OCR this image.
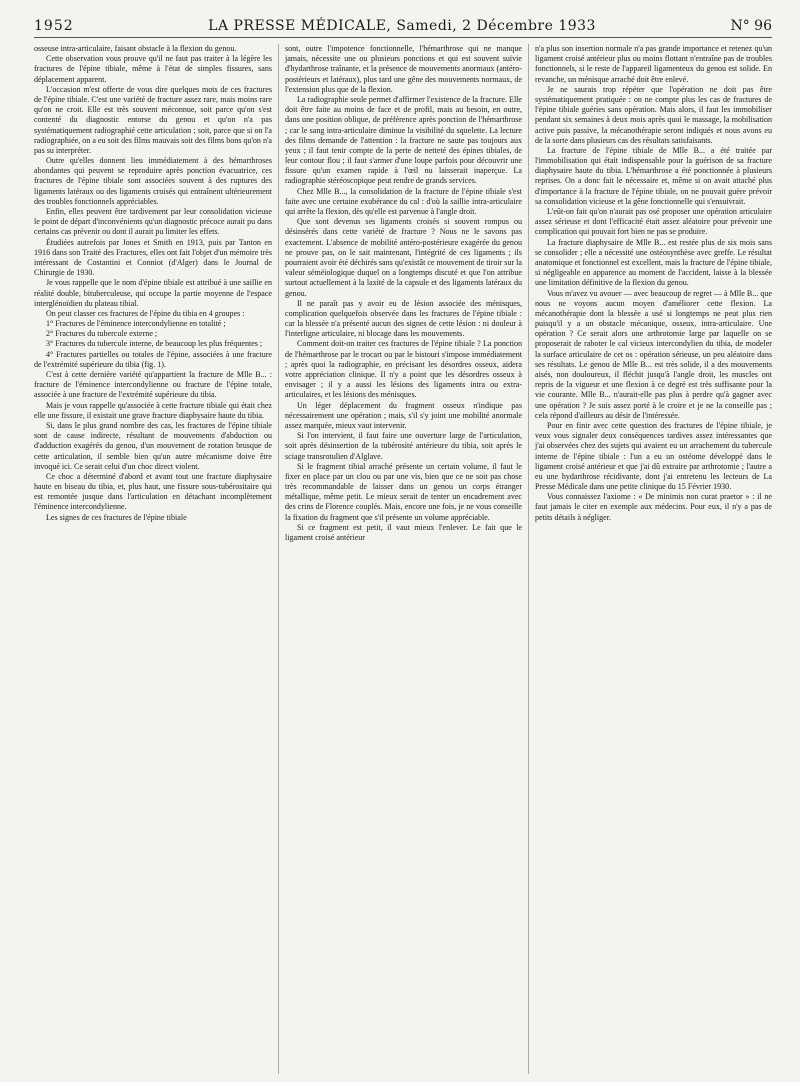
1952	LA PRESSE MÉDICALE, Samedi, 2 Décembre 1933	N° 96

osseuse intra-articulaire, faisant obstacle à la flexion du genou.

Cette observation vous prouve qu'il ne faut pas traiter à la légère les fractures de l'épine tibiale, même à l'état de simples fissures, sans déplacement apparent.

L'occasion m'est offerte de vous dire quelques mots de ces fractures de l'épine tibiale. C'est une variété de fracture assez rare, mais moins rare qu'on ne croit. Elle est très souvent méconnue, soit parce qu'on s'est contenté du diagnostic entorse du genou et qu'on n'a pas systématiquement radiographié cette articulation ; soit, parce que si on l'a radiographiée, on a eu soit des films mauvais soit des films bons qu'on n'a pas su interpréter.

Outre qu'elles donnent lieu immédiatement à des hémarthroses abondantes qui peuvent se reproduire après ponction évacuatrice, ces fractures de l'épine tibiale sont associées souvent à des ruptures des ligaments latéraux ou des ligaments croisés qui entraînent ultérieurement des troubles fonctionnels appréciables.

Enfin, elles peuvent être tardivement par leur consolidation vicieuse le point de départ d'inconvénients qu'un diagnostic précoce aurait pu dans certains cas prévenir ou dont il aurait pu limiter les effets.

Étudiées autrefois par Jones et Smith en 1913, puis par Tanton en 1916 dans son Traité des Fractures, elles ont fait l'objet d'un mémoire très intéressant de Costantini et Conniot (d'Alger) dans le Journal de Chirurgie de 1930.

Je vous rappelle que le nom d'épine tibiale est attribué à une saillie en réalité double, bituberculeuse, qui occupe la partie moyenne de l'espace interglénoïdien du plateau tibial.

On peut classer ces fractures de l'épine du tibia en 4 groupes :

1° Fractures de l'éminence intercondylienne en totalité ;

2° Fractures du tubercule externe ;

3° Fractures du tubercule interne, de beaucoup les plus fréquentes ;

4° Fractures partielles ou totales de l'épine, associées à une fracture de l'extrémité supérieure du tibia (fig. 1).

C'est à cette dernière variété qu'appartient la fracture de Mlle B... : fracture de l'éminence intercondylienne ou fracture de l'épine totale, associée à une fracture de l'extrémité supérieure du tibia.

Mais je vous rappelle qu'associée à cette fracture tibiale qui était chez elle une fissure, il existait une grave fracture diaphysaire haute du tibia.

Si, dans le plus grand nombre des cas, les fractures de l'épine tibiale sont de cause indirecte, résultant de mouvements d'abduction ou d'adduction exagérés du genou, d'un mouvement de rotation brusque de cette articulation, il semble bien qu'un autre mécanisme doive être invoqué ici. Ce serait celui d'un choc direct violent.

Ce choc a déterminé d'abord et avant tout une fracture diaphysaire haute en biseau du tibia, et, plus haut, une fissure sous-tubérositaire qui est remontée jusque dans l'articulation en détachant incomplètement l'éminence intercondylienne.

Les signes de ces fractures de l'épine tibiale

sont, outre l'impotence fonctionnelle, l'hémarthrose qui ne manque jamais, nécessite une ou plusieurs ponctions et qui est souvent suivie d'hydarthrose traînante, et la présence de mouvements anormaux (antéro-postérieurs et latéraux), plus tard une gêne des mouvements normaux, de l'extension plus que de la flexion.

La radiographie seule permet d'affirmer l'existence de la fracture. Elle doit être faite au moins de face et de profil, mais au besoin, en outre, dans une position oblique, de préférence après ponction de l'hémarthrose ; car le sang intra-articulaire diminue la visibilité du squelette. La lecture des films demande de l'attention : la fracture ne saute pas toujours aux yeux ; il faut tenir compte de la perte de netteté des épines tibiales, de leur contour flou ; il faut s'armer d'une loupe parfois pour découvrir une fissure qu'un examen rapide à l'œil nu laisserait inaperçue. La radiographie stéréoscopique peut rendre de grands services.

Chez Mlle B..., la consolidation de la fracture de l'épine tibiale s'est faite avec une certaine exubérance du cal : d'où la saillie intra-articulaire qui arrête la flexion, dès qu'elle est parvenue à l'angle droit.

Que sont devenus ses ligaments croisés si souvent rompus ou désinsérés dans cette variété de fracture ? Nous ne le savons pas exactement. L'absence de mobilité antéro-postérieure exagérée du genou ne prouve pas, on le sait maintenant, l'intégrité de ces ligaments ; ils pourraient avoir été déchirés sans qu'existât ce mouvement de tiroir sur la valeur séméiologique duquel on a longtemps discuté et que l'on attribue surtout actuellement à la laxité de la capsule et des ligaments latéraux du genou.

Il ne paraît pas y avoir eu de lésion associée des ménisques, complication quelquefois observée dans les fractures de l'épine tibiale : car la blessée n'a présenté aucun des signes de cette lésion : ni douleur à l'interligne articulaire, ni blocage dans les mouvements.

Comment doit-on traiter ces fractures de l'épine tibiale ? La ponction de l'hémarthrose par le trocart ou par le bistouri s'impose immédiatement ; après quoi la radiographie, en précisant les désordres osseux, aidera votre appréciation clinique. Il n'y a point que les désordres osseux à envisager ; il y a aussi les lésions des ligaments intra ou extra-articulaires, et les lésions des ménisques.

Un léger déplacement du fragment osseux n'indique pas nécessairement une opération ; mais, s'il s'y joint une mobilité anormale assez marquée, mieux vaut intervenir.

Si l'on intervient, il faut faire une ouverture large de l'articulation, soit après désinsertion de la tubérosité antérieure du tibia, soit après le sciage transrotulien d'Alglave.

Si le fragment tibial arraché présente un certain volume, il faut le fixer en place par un clou ou par une vis, bien que ce ne soit pas chose très recommandable de laisser dans un genou un corps étranger métallique, même petit. Le mieux serait de tenter un encadrement avec des crins de Florence couplés. Mais, encore une fois, je ne vous conseille la fixation du fragment que s'il présente un volume appréciable.

Si ce fragment est petit, il vaut mieux l'enlever. Le fait que le ligament croisé antérieur

n'a plus son insertion normale n'a pas grande importance et retenez qu'un ligament croisé antérieur plus ou moins flottant n'entraîne pas de troubles fonctionnels, si le reste de l'appareil ligamenteux du genou est solide. En revanche, un ménisque arraché doit être enlevé.

Je ne saurais trop répéter que l'opération ne doit pas être systématiquement pratiquée : on ne compte plus les cas de fractures de l'épine tibiale guéries sans opération. Mais alors, il faut les immobiliser pendant six semaines à deux mois après quoi le massage, la mobilisation active puis passive, la mécanothérapie seront indiqués et nous avons eu de la sorte dans plusieurs cas des résultats satisfaisants.

La fracture de l'épine tibiale de Mlle B... a été traitée par l'immobilisation qui était indispensable pour la guérison de sa fracture diaphysaire haute du tibia. L'hémarthrose a été ponctionnée à plusieurs reprises. On a donc fait le nécessaire et, même si on avait attaché plus d'importance à la fracture de l'épine tibiale, on ne pouvait guère prévoir sa consolidation vicieuse et la gêne fonctionnelle qui s'ensuivrait.

L'eût-on fait qu'on n'aurait pas osé proposer une opération articulaire assez sérieuse et dont l'efficacité était assez aléatoire pour prévenir une complication qui pouvait fort bien ne pas se produire.

La fracture diaphysaire de Mlle B... est restée plus de six mois sans se consolider ; elle a nécessité une ostéosynthèse avec greffe. Le résultat anatomique et fonctionnel est excellent, mais la fracture de l'épine tibiale, si négligeable en apparence au moment de l'accident, laisse à la blessée une limitation définitive de la flexion du genou.

Vous m'avez vu avouer — avec beaucoup de regret — à Mlle B... que nous ne voyons aucun moyen d'améliorer cette flexion. La mécanothérapie dont la blessée a usé si longtemps ne peut plus rien puisqu'il y a un obstacle mécanique, osseux, intra-articulaire. Une opération ? Ce serait alors une arthrotomie large par laquelle on se proposerait de raboter le cal vicieux intercondylien du tibia, de modeler la surface articulaire de cet os : opération sérieuse, un peu aléatoire dans ses résultats. Le genou de Mlle B... est très solide, il a des mouvements aisés, non douloureux, il fléchit jusqu'à l'angle droit, les muscles ont repris de la vigueur et une flexion à ce degré est très suffisante pour la vie courante. Mlle B... n'aurait-elle pas plus à perdre qu'à gagner avec une opération ? Je suis assez porté à le croire et je ne la conseille pas ; cela répond d'ailleurs au désir de l'intéressée.

Pour en finir avec cette question des fractures de l'épine tibiale, je veux vous signaler deux conséquences tardives assez intéressantes que j'ai observées chez des sujets qui avaient eu un arrachement du tubercule interne de l'épine tibiale : l'un a eu un ostéome développé dans le ligament croisé antérieur et que j'ai dû extraire par arthrotomie ; l'autre a eu une hydarthrose récidivante, dont j'ai entretenu les lecteurs de La Presse Médicale dans une petite clinique du 15 Février 1930.

Vous connaissez l'axiome : « De minimis non curat praetor » : il ne faut jamais le citer en exemple aux médecins. Pour eux, il n'y a pas de petits détails à négliger.
